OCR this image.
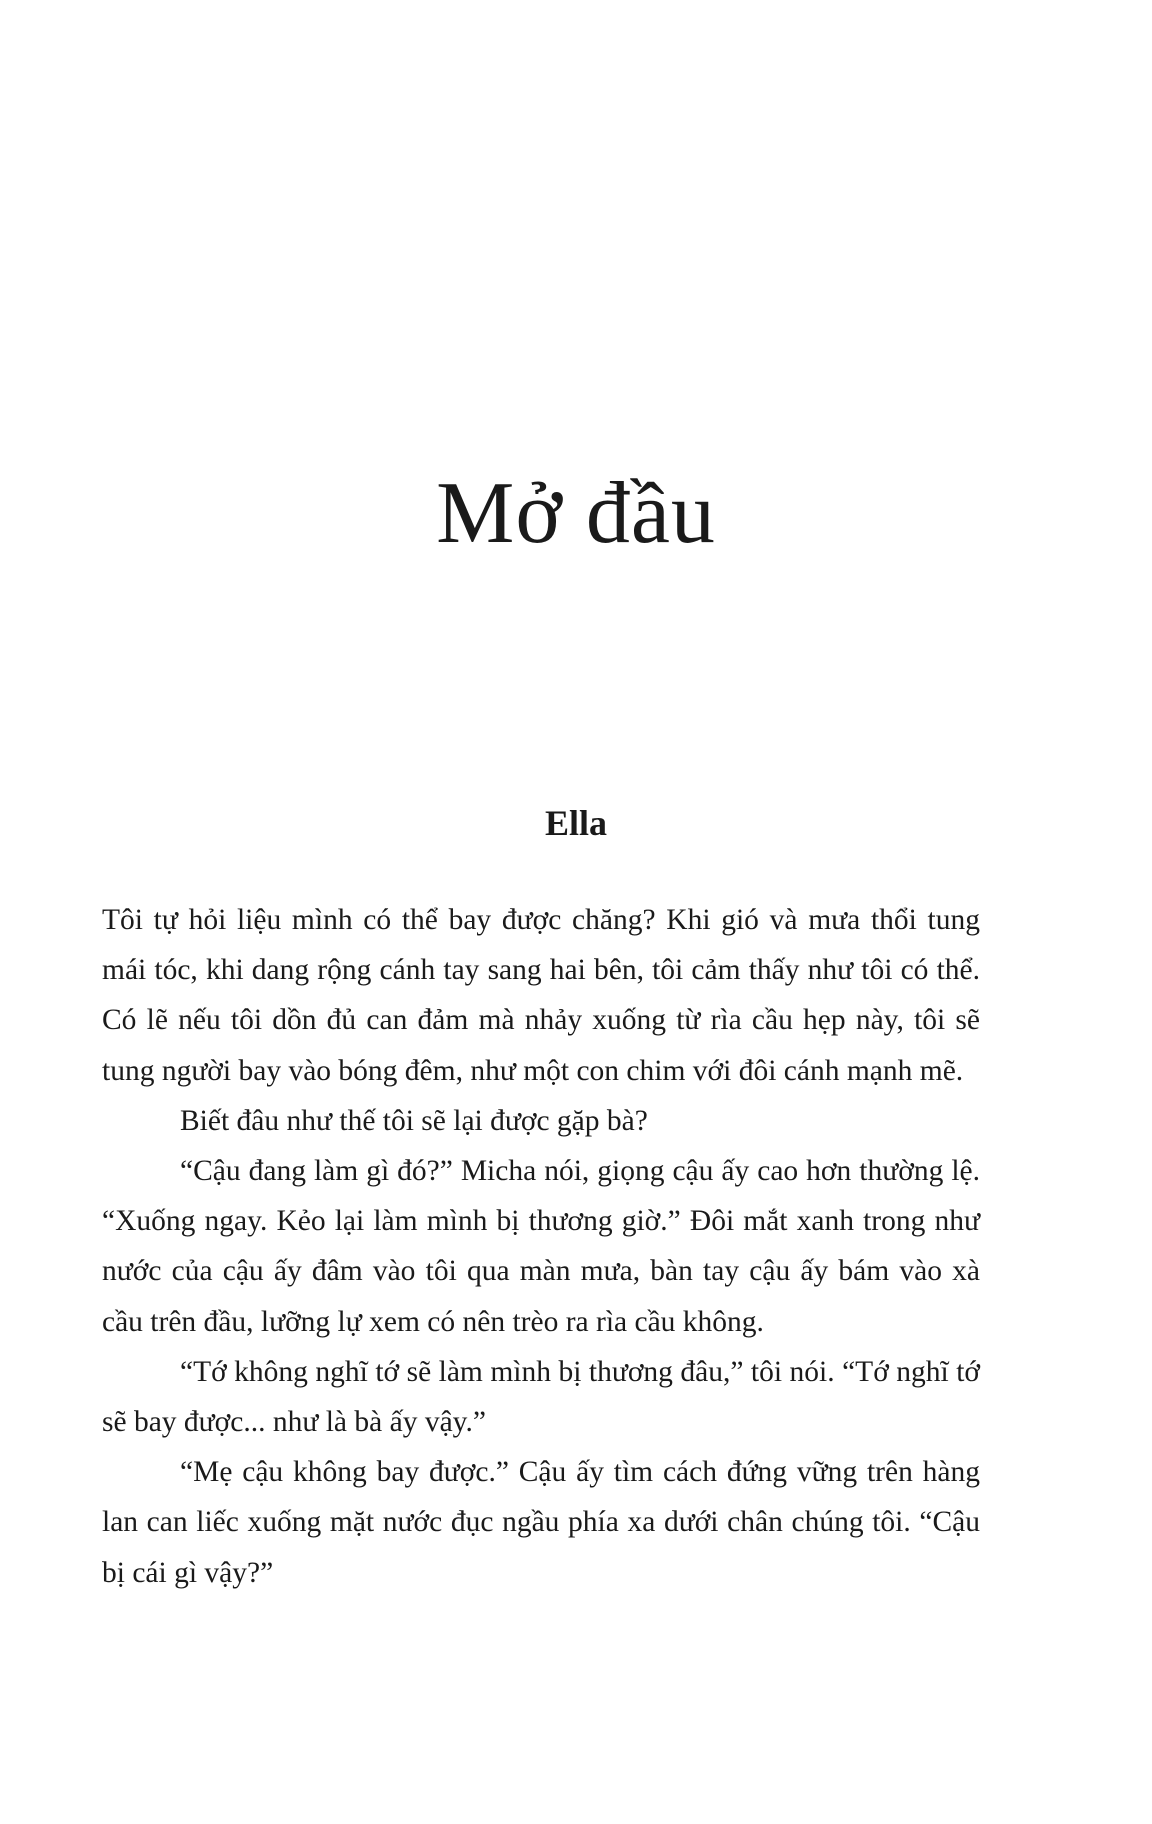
Mở đầu
Ella

Tôi tự hỏi liệu mình có thể bay được chăng? Khi gió và mưa thổi tung mái tóc, khi dang rộng cánh tay sang hai bên, tôi cảm thấy như tôi có thể. Có lẽ nếu tôi dồn đủ can đảm mà nhảy xuống từ rìa cầu hẹp này, tôi sẽ tung người bay vào bóng đêm, như một con chim với đôi cánh mạnh mẽ.

Biết đâu như thế tôi sẽ lại được gặp bà?

“Cậu đang làm gì đó?” Micha nói, giọng cậu ấy cao hơn thường lệ. “Xuống ngay. Kẻo lại làm mình bị thương giờ.” Đôi mắt xanh trong như nước của cậu ấy đâm vào tôi qua màn mưa, bàn tay cậu ấy bám vào xà cầu trên đầu, lưỡng lự xem có nên trèo ra rìa cầu không.

“Tớ không nghĩ tớ sẽ làm mình bị thương đâu,” tôi nói. “Tớ nghĩ tớ sẽ bay được... như là bà ấy vậy.”

“Mẹ cậu không bay được.” Cậu ấy tìm cách đứng vững trên hàng lan can liếc xuống mặt nước đục ngầu phía xa dưới chân chúng tôi. “Cậu bị cái gì vậy?”
